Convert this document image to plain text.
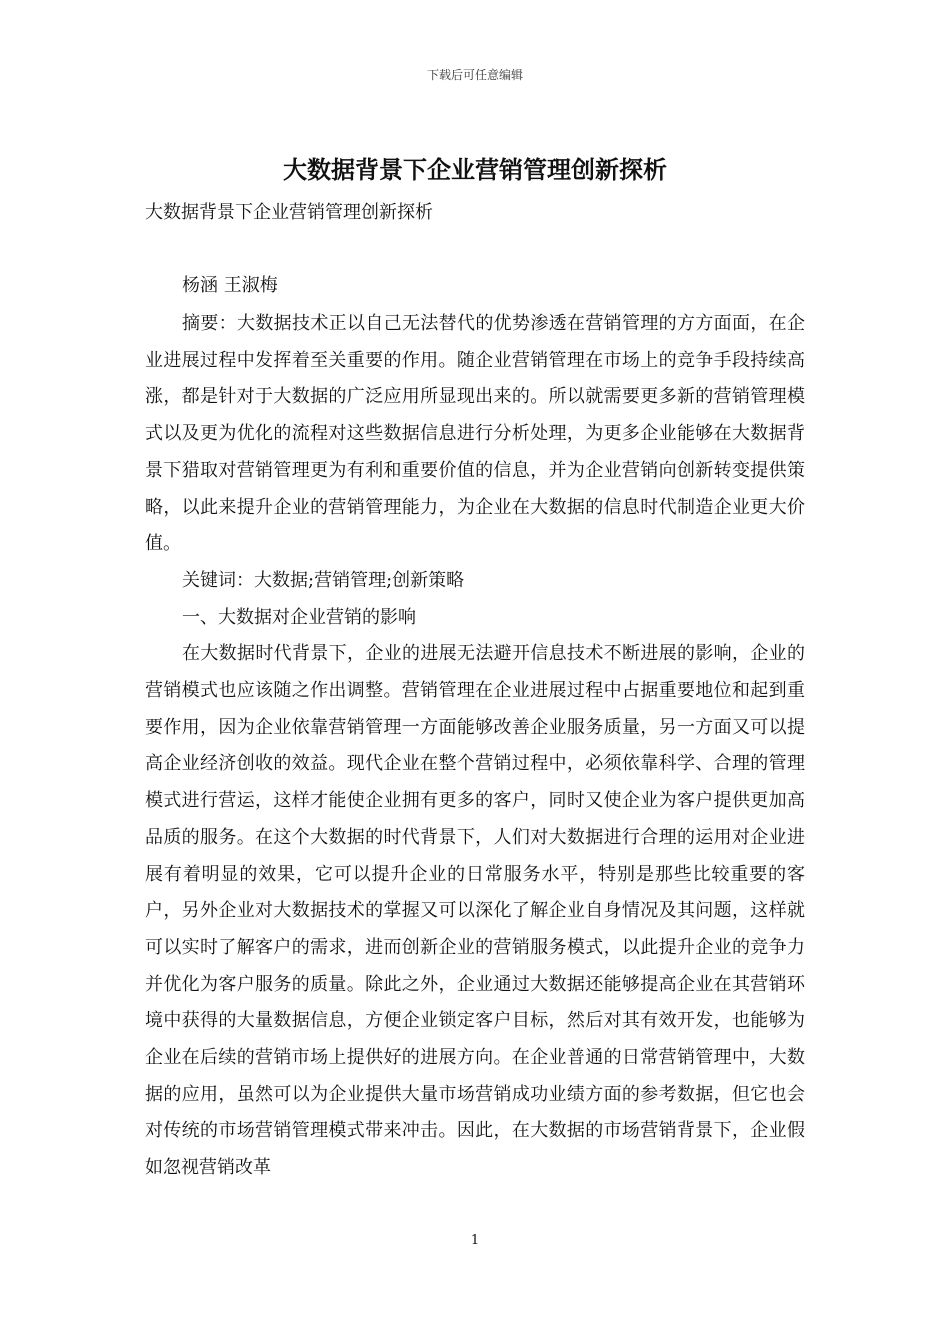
下载后可任意编辑
大数据背景下企业营销管理创新探析
大数据背景下企业营销管理创新探析
杨涵 王淑梅

摘要：大数据技术正以自己无法替代的优势渗透在营销管理的方方面面，在企业进展过程中发挥着至关重要的作用。随企业营销管理在市场上的竞争手段持续高涨，都是针对于大数据的广泛应用所显现出来的。所以就需要更多新的营销管理模式以及更为优化的流程对这些数据信息进行分析处理，为更多企业能够在大数据背景下猎取对营销管理更为有利和重要价值的信息，并为企业营销向创新转变提供策略，以此来提升企业的营销管理能力，为企业在大数据的信息时代制造企业更大价值。

关键词：大数据;营销管理;创新策略

一、大数据对企业营销的影响

在大数据时代背景下，企业的进展无法避开信息技术不断进展的影响，企业的营销模式也应该随之作出调整。营销管理在企业进展过程中占据重要地位和起到重要作用，因为企业依靠营销管理一方面能够改善企业服务质量，另一方面又可以提高企业经济创收的效益。现代企业在整个营销过程中，必须依靠科学、合理的管理模式进行营运，这样才能使企业拥有更多的客户，同时又使企业为客户提供更加高品质的服务。在这个大数据的时代背景下，人们对大数据进行合理的运用对企业进展有着明显的效果，它可以提升企业的日常服务水平，特别是那些比较重要的客户，另外企业对大数据技术的掌握又可以深化了解企业自身情况及其问题，这样就可以实时了解客户的需求，进而创新企业的营销服务模式，以此提升企业的竞争力并优化为客户服务的质量。除此之外，企业通过大数据还能够提高企业在其营销环境中获得的大量数据信息，方便企业锁定客户目标，然后对其有效开发，也能够为企业在后续的营销市场上提供好的进展方向。在企业普通的日常营销管理中，大数据的应用，虽然可以为企业提供大量市场营销成功业绩方面的参考数据，但它也会对传统的市场营销管理模式带来冲击。因此，在大数据的市场营销背景下，企业假如忽视营销改革

1
